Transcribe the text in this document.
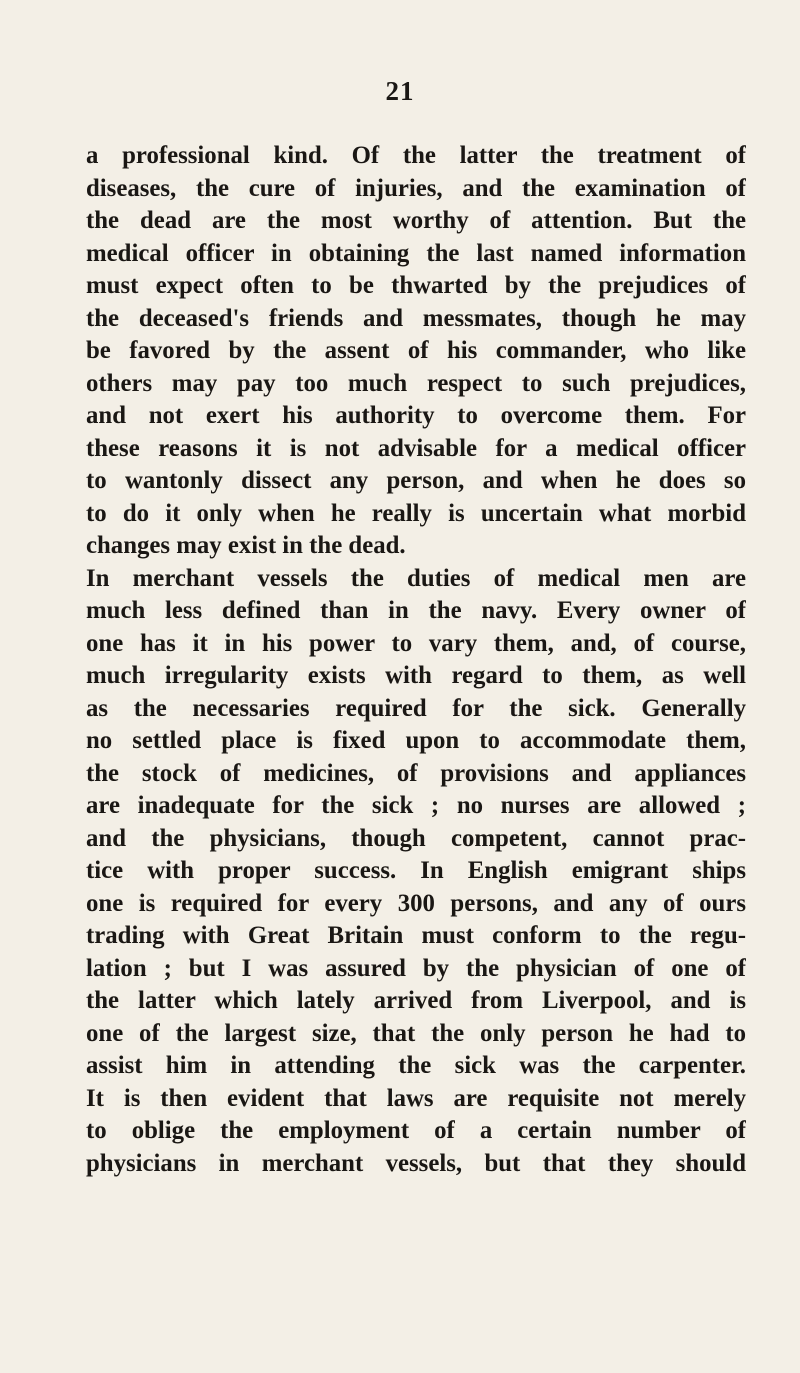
21
a professional kind. Of the latter the treatment of
diseases, the cure of injuries, and the examination of
the dead are the most worthy of attention. But the
medical officer in obtaining the last named information
must expect often to be thwarted by the prejudices of
the deceased's friends and messmates, though he may
be favored by the assent of his commander, who like
others may pay too much respect to such prejudices,
and not exert his authority to overcome them. For
these reasons it is not advisable for a medical officer
to wantonly dissect any person, and when he does so
to do it only when he really is uncertain what morbid
changes may exist in the dead.
In merchant vessels the duties of medical men are
much less defined than in the navy. Every owner of
one has it in his power to vary them, and, of course,
much irregularity exists with regard to them, as well
as the necessaries required for the sick. Generally
no settled place is fixed upon to accommodate them,
the stock of medicines, of provisions and appliances
are inadequate for the sick ; no nurses are allowed ;
and the physicians, though competent, cannot prac-
tice with proper success. In English emigrant ships
one is required for every 300 persons, and any of ours
trading with Great Britain must conform to the regu-
lation ; but I was assured by the physician of one of
the latter which lately arrived from Liverpool, and is
one of the largest size, that the only person he had to
assist him in attending the sick was the carpenter.
It is then evident that laws are requisite not merely
to oblige the employment of a certain number of
physicians in merchant vessels, but that they should
